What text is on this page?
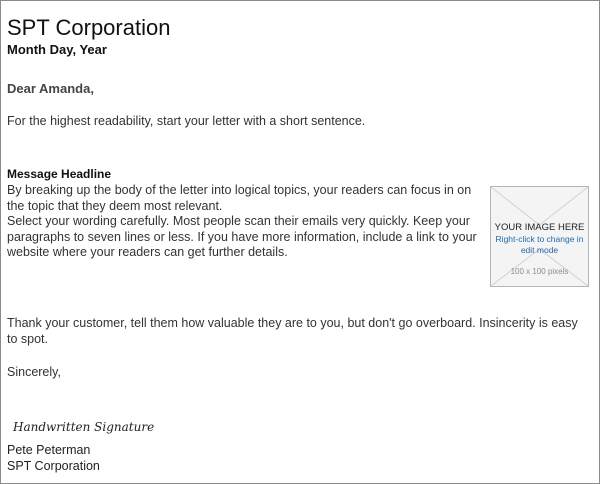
SPT Corporation
Month Day, Year
Dear Amanda,
For the highest readability, start your letter with a short sentence.
Message Headline

By breaking up the body of the letter into logical topics, your readers can focus in on the topic that they deem most relevant.

Select your wording carefully. Most people scan their emails very quickly. Keep your paragraphs to seven lines or less. If you have more information, include a link to your website where your readers can get further details.

YOUR IMAGE HERE
Right-click to change in edit mode
100 x 100 pixels
Thank your customer, tell them how valuable they are to you, but don't go overboard. Insincerity is easy to spot.
Sincerely,
Handwritten Signature
Pete Peterman
SPT Corporation
